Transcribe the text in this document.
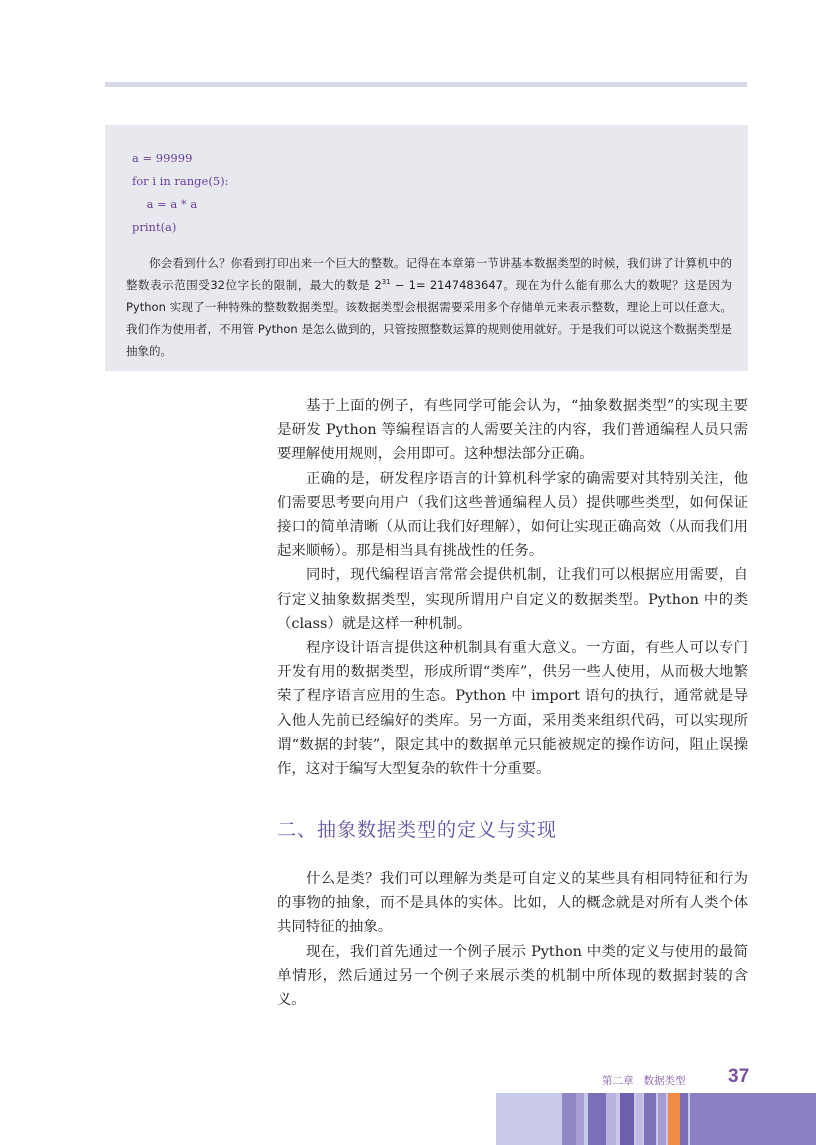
a = 99999
for i in range(5):
a = a * a
print(a)

你会看到什么？你看到打印出来一个巨大的整数。记得在本章第一节讲基本数据类型的时候，我们讲了计算机中的整数表示范围受32位字长的限制，最大的数是 $2^{31} - 1= 2147483647$。现在为什么能有那么大的数呢？这是因为 Python 实现了一种特殊的整数数据类型。该数据类型会根据需要采用多个存储单元来表示整数，理论上可以任意大。我们作为使用者，不用管 Python 是怎么做到的，只管按照整数运算的规则使用就好。于是我们可以说这个数据类型是抽象的。

基于上面的例子，有些同学可能会认为，“抽象数据类型”的实现主要是研发 Python 等编程语言的人需要关注的内容，我们普通编程人员只需要理解使用规则，会用即可。这种想法部分正确。

正确的是，研发程序语言的计算机科学家的确需要对其特别关注，他们需要思考要向用户（我们这些普通编程人员）提供哪些类型，如何保证接口的简单清晰（从而让我们好理解），如何让实现正确高效（从而我们用起来顺畅）。那是相当具有挑战性的任务。

同时，现代编程语言常常会提供机制，让我们可以根据应用需要，自行定义抽象数据类型，实现所谓用户自定义的数据类型。Python 中的类（class）就是这样一种机制。

程序设计语言提供这种机制具有重大意义。一方面，有些人可以专门开发有用的数据类型，形成所谓“类库”，供另一些人使用，从而极大地繁荣了程序语言应用的生态。Python 中 import 语句的执行，通常就是导入他人先前已经编好的类库。另一方面，采用类来组织代码，可以实现所谓“数据的封装”，限定其中的数据单元只能被规定的操作访问，阻止误操作，这对于编写大型复杂的软件十分重要。

二、抽象数据类型的定义与实现

什么是类？我们可以理解为类是可自定义的某些具有相同特征和行为的事物的抽象，而不是具体的实体。比如，人的概念就是对所有人类个体共同特征的抽象。

现在，我们首先通过一个例子展示 Python 中类的定义与使用的最简单情形，然后通过另一个例子来展示类的机制中所体现的数据封装的含义。

第二章 数据类型 37
